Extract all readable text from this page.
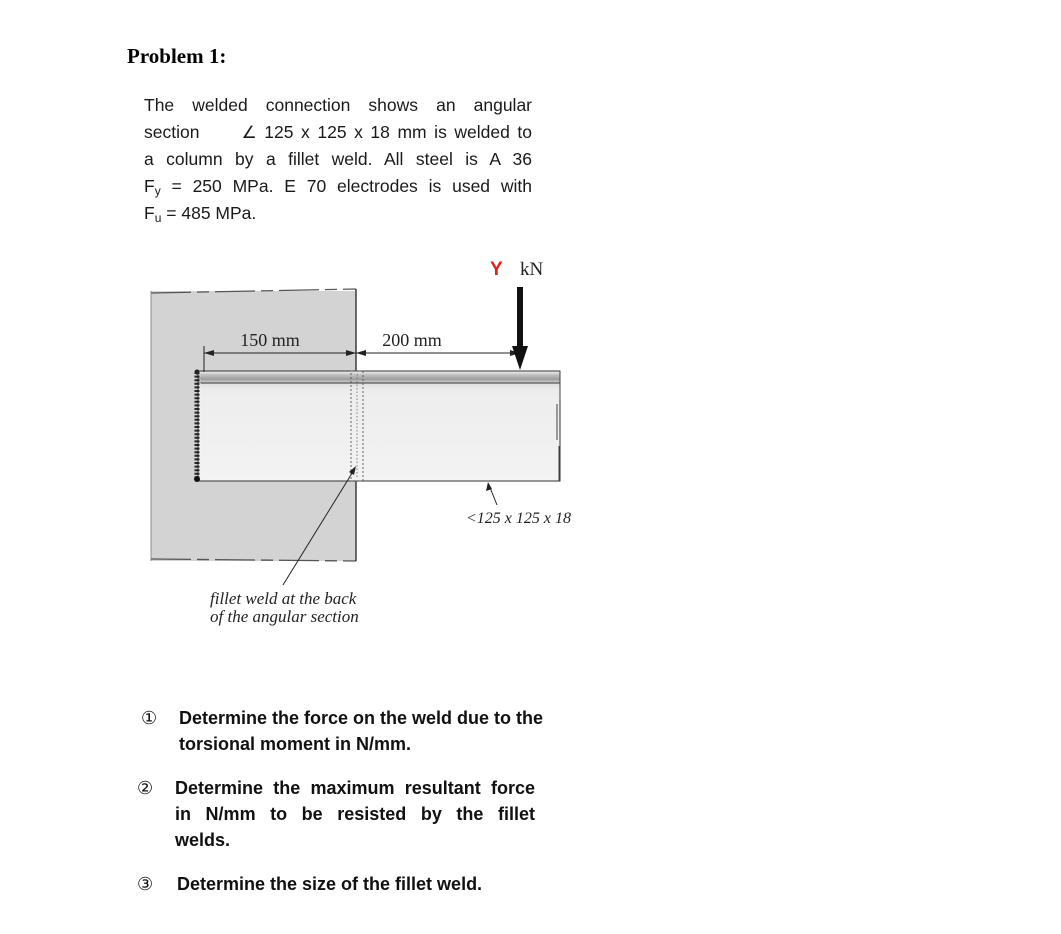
Problem 1:
The welded connection shows an angular
section ∠ 125 x 125 x 18 mm is welded to
a column by a fillet weld. All steel is A 36
$F_y = 250$ MPa. E 70 electrodes is used with
$F_u = 485$ MPa.
150 mm	200 mm
Y kN
<125 x 125 x 18
fillet weld at the back
of the angular section
① Determine the force on the weld due to the torsional moment in N/mm.
② Determine the maximum resultant force
in N/mm to be resisted by the fillet
welds.
③ Determine the size of the fillet weld.
